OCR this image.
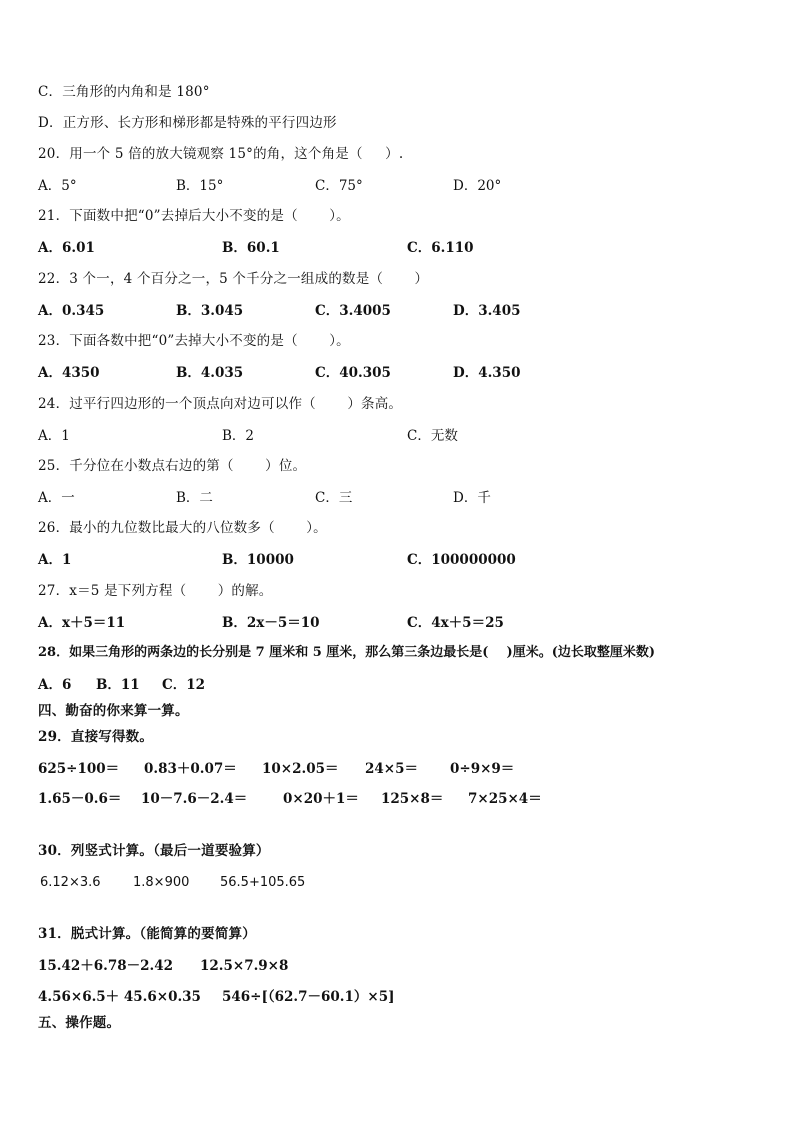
C．三角形的内角和是 180°
D．正方形、长方形和梯形都是特殊的平行四边形
20．用一个 5 倍的放大镜观察 15°的角，这个角是（     ）.
A．5°	B．15°	C．75°	D．20°
21．下面数中把“0”去掉后大小不变的是（       ）。
A．6.01	B．60.1	C．6.110
22．3 个一，4 个百分之一，5 个千分之一组成的数是（       ）
A．0.345	B．3.045	C．3.4005	D．3.405
23．下面各数中把“0”去掉大小不变的是（       ）。
A．4350	B．4.035	C．40.305	D．4.350
24．过平行四边形的一个顶点向对边可以作（       ）条高。
A．1	B．2	C．无数
25．千分位在小数点右边的第（       ）位。
A．一	B．二	C．三	D．千
26．最小的九位数比最大的八位数多（       ）。
A．1	B．10000	C．100000000
27．x＝5 是下列方程（       ）的解。
A．x＋5＝11	B．2x－5＝10	C．4x＋5＝25
28．如果三角形的两条边的长分别是 7 厘米和 5 厘米，那么第三条边最长是(    )厘米。(边长取整厘米数)
A．6 B．11 C．12
四、勤奋的你来算一算。
29．直接写得数。
625÷100＝ 0.83＋0.07＝ 10×2.05＝ 24×5＝ 0÷9×9＝
1.65－0.6＝ 10－7.6－2.4＝	0×20＋1＝ 125×8＝ 7×25×4＝
30．列竖式计算。（最后一道要验算）
6.12×3.6 1.8×900 56.5+105.65
31．脱式计算。（能简算的要简算）
15.42＋6.78－2.42 12.5×7.9×8
4.56×6.5＋ 45.6×0.35 546÷[（62.7－60.1）×5]
五、操作题。
